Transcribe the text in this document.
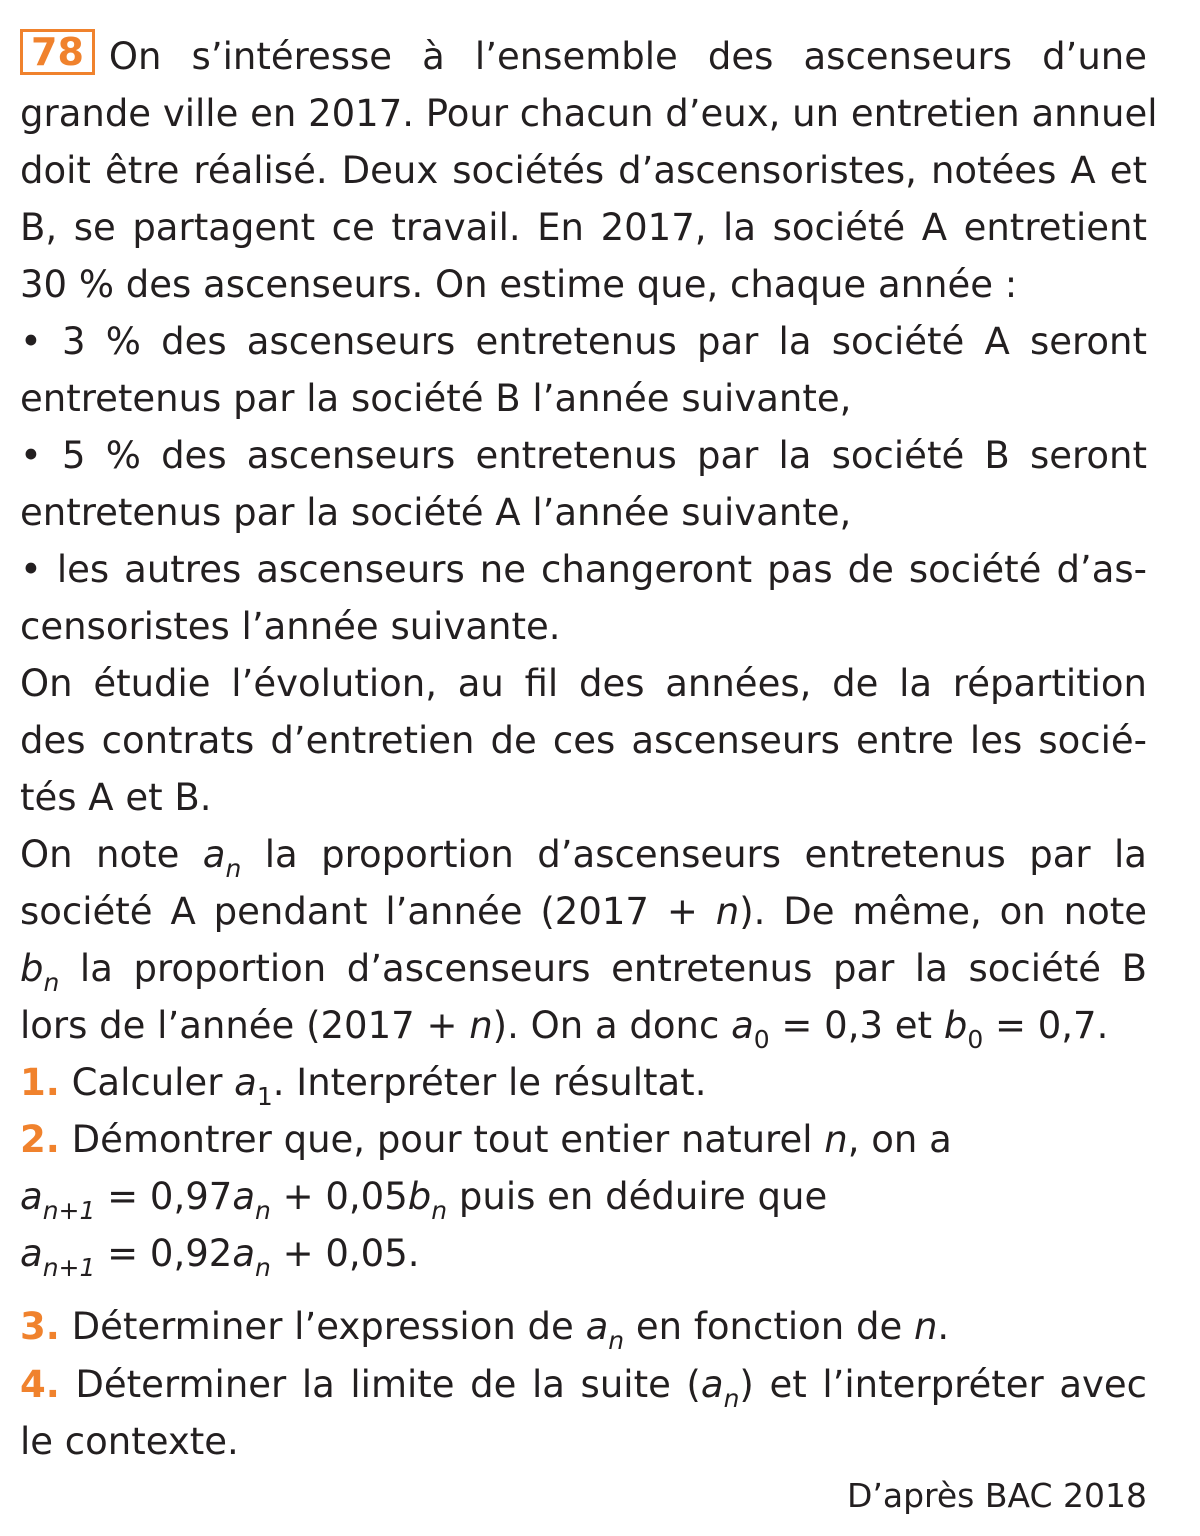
78 On s’intéresse à l’ensemble des ascenseurs d’une
grande ville en 2017. Pour chacun d’eux, un entretien annuel
doit être réalisé. Deux sociétés d’ascensoristes, notées A et
B, se partagent ce travail. En 2017, la société A entretient
30 % des ascenseurs. On estime que, chaque année :
• 3 % des ascenseurs entretenus par la société A seront
entretenus par la société B l’année suivante,
• 5 % des ascenseurs entretenus par la société B seront
entretenus par la société A l’année suivante,
• les autres ascenseurs ne changeront pas de société d’as-
censoristes l’année suivante.
On étudie l’évolution, au fil des années, de la répartition
des contrats d’entretien de ces ascenseurs entre les socié-
tés A et B.
On note $a_n$ la proportion d’ascenseurs entretenus par la
société A pendant l’année (2017 + n). De même, on note
$b_n$ la proportion d’ascenseurs entretenus par la société B
lors de l’année (2017 + n). On a donc $a_0 = 0,3$ et $b_0 = 0,7$.
1. Calculer $a_1$. Interpréter le résultat.
2. Démontrer que, pour tout entier naturel n, on a
$a_{n+1} = 0,97a_n + 0,05b_n$ puis en déduire que
$a_{n+1} = 0,92a_n + 0,05$.
3. Déterminer l’expression de $a_n$ en fonction de n.
4. Déterminer la limite de la suite $(a_n)$ et l’interpréter avec
le contexte.
D’après BAC 2018
